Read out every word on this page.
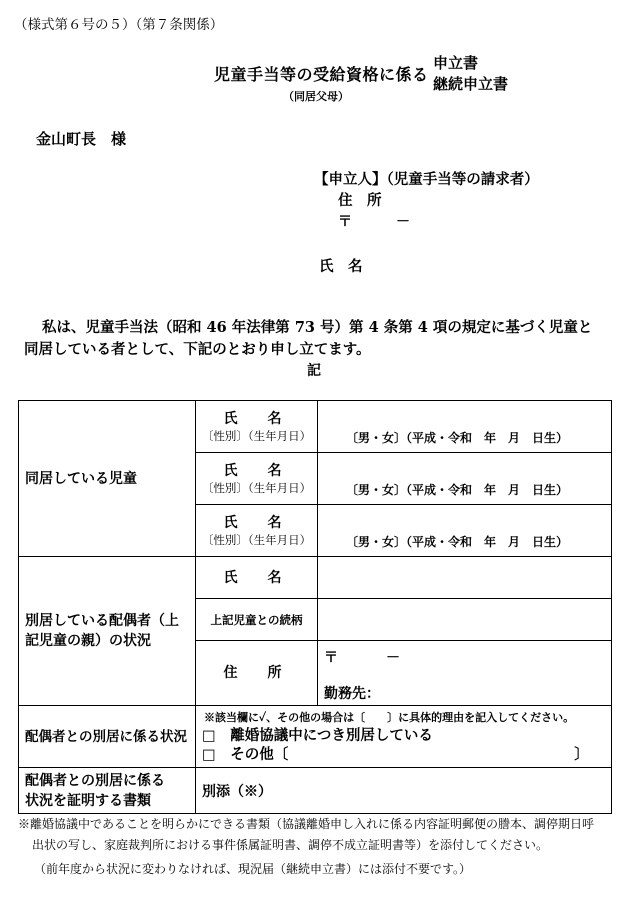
（様式第６号の５）（第７条関係）
児童手当等の受給資格に係る
申立書
継続申立書
（同居父母）
金山町長　様
【申立人】（児童手当等の請求者）
住　所
〒	－
氏　名
私は、児童手当法（昭和 46 年法律第 73 号）第 4 条第 4 項の規定に基づく児童と
同居している者として、下記のとおり申し立てます。
記
同居している児童	氏　名
〔性別〕（生年月日）	〔男・女〕（平成・令和　年　月　日生）

	氏　名
〔性別〕（生年月日）	〔男・女〕（平成・令和　年　月　日生）

	氏　名
〔性別〕（生年月日）	〔男・女〕（平成・令和　年　月　日生）

別居している配偶者（上
記児童の親）の状況	氏　名	

	上記児童との続柄	

	住　所	〒 －
勤務先：

配偶者との別居に係る状況	※該当欄に✓、その他の場合は〔　　〕に具体的理由を記入してください。
□　離婚協議中につき別居している
□　その他〔 〕	

配偶者との別居に係る
状況を証明する書類	別添（※）	
※離婚協議中であることを明らかにできる書類（協議離婚申し入れに係る内容証明郵便の謄本、調停期日呼
出状の写し、家庭裁判所における事件係属証明書、調停不成立証明書等）を添付してください。
（前年度から状況に変わりなければ、現況届（継続申立書）には添付不要です。）
